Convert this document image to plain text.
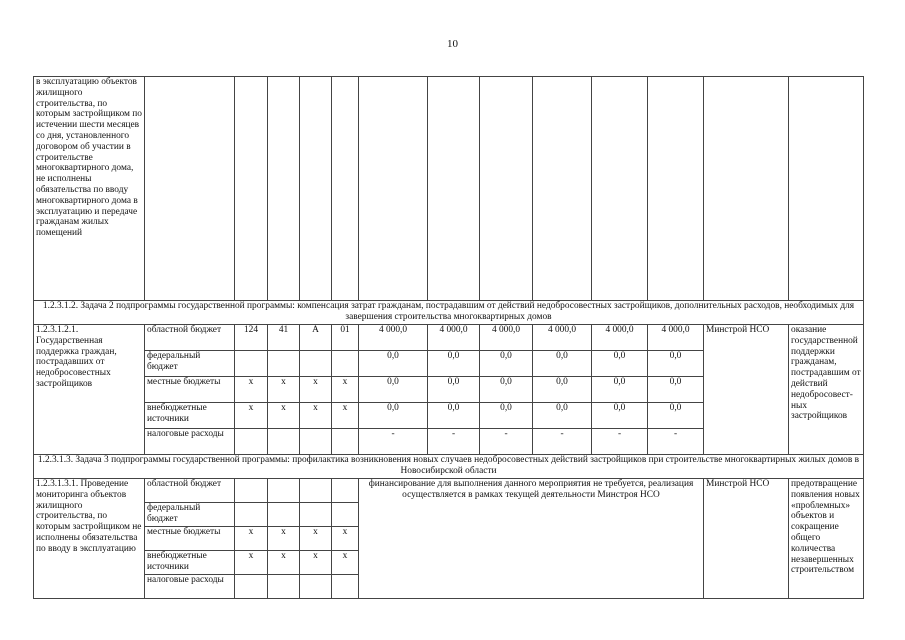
10
в эксплуатацию объектов жилищного строительства, по которым застройщиком по истечении шести месяцев со дня, установленного договором об участии в строительстве многоквартирного дома, не исполнены обязательства по вводу многоквартирного дома в эксплуатацию и передаче гражданам жилых помещений													
1.2.3.1.2. Задача 2 подпрограммы государственной программы: компенсация затрат гражданам, пострадавшим от действий недобросовестных застройщиков, дополнительных расходов, необходимых для завершения строительства многоквартирных домов													
1.2.3.1.2.1. Государственная поддержка граждан, пострадавших от недобросовестных застройщиков	областной бюджет	124	41	А	01	4 000,0	4 000,0	4 000,0	4 000,0	4 000,0	4 000,0	Минстрой НСО	оказание государственной поддержки гражданам, пострадавшим от действий недобросовест-ных застройщиков
	федеральный бюджет					0,0	0,0	0,0	0,0	0,0	0,0		
	местные бюджеты	х	х	х	х	0,0	0,0	0,0	0,0	0,0	0,0		
	внебюджетные источники	х	х	х	х	0,0	0,0	0,0	0,0	0,0	0,0		
	налоговые расходы					-	-	-	-	-	-		
1.2.3.1.3. Задача 3 подпрограммы государственной программы: профилактика возникновения новых случаев недобросовестных действий застройщиков при строительстве многоквартирных жилых домов в Новосибирской области													
1.2.3.1.3.1. Проведение мониторинга объектов жилищного строительства, по которым застройщиком не исполнены обязательства по вводу в эксплуатацию	областной бюджет					финансирование для выполнения данного мероприятия не требуется, реализация осуществляется в рамках текущей деятельности Минстроя НСО						Минстрой НСО	предотвращение появления новых «проблемных» объектов и сокращение общего количества незавершенных строительством
	федеральный бюджет												
	местные бюджеты	х	х	х	х								
	внебюджетные источники	х	х	х	х								
	налоговые расходы												
